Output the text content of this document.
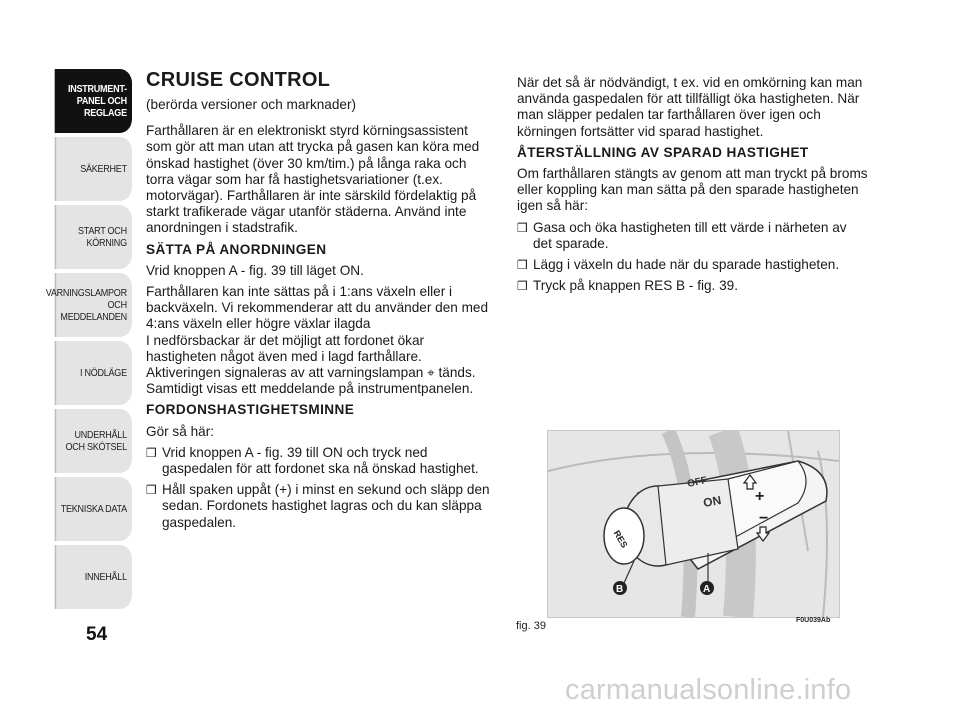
INSTRUMENT-
PANEL OCH
REGLAGE
SÄKERHET
START OCH
KÖRNING
VARNINGSLAMPOR
OCH
MEDDELANDEN
I NÖDLÄGE
UNDERHÅLL
OCH SKÖTSEL
TEKNISKA DATA
INNEHÅLL
54

CRUISE CONTROL

(berörda versioner och marknader)

Farthållaren är en elektroniskt styrd körningsassistent som gör att man utan att trycka på gasen kan köra med önskad hastighet (över 30 km/tim.) på långa raka och torra vägar som har få hastighetsvariationer (t.ex. motorvägar). Farthållaren är inte särskild fördelaktig på starkt trafikerade vägar utanför städerna. Använd inte anordningen i stadstrafik.

SÄTTA PÅ ANORDNINGEN

Vrid knoppen A - fig. 39 till läget ON.

Farthållaren kan inte sättas på i 1:ans växeln eller i backväxeln. Vi rekommenderar att du använder den med 4:ans växeln eller högre växlar ilagda
I nedförsbackar är det möjligt att fordonet ökar hastigheten något även med i lagd farthållare.
Aktiveringen signaleras av att varningslampan ⌖ tänds. Samtidigt visas ett meddelande på instrumentpanelen.

FORDONSHASTIGHETSMINNE

Gör så här:

❒ Vrid knoppen A - fig. 39 till ON och tryck ned gaspedalen för att fordonet ska nå önskad hastighet.
❒ Håll spaken uppåt (+) i minst en sekund och släpp den sedan. Fordonets hastighet lagras och du kan släppa gaspedalen.

När det så är nödvändigt, t ex. vid en omkörning kan man använda gaspedalen för att tillfälligt öka hastigheten. När man släpper pedalen tar farthållaren över igen och körningen fortsätter vid sparad hastighet.

ÅTERSTÄLLNING AV SPARAD HASTIGHET

Om farthållaren stängts av genom att man tryckt på broms eller koppling kan man sätta på den sparade hastigheten igen så här:

❒ Gasa och öka hastigheten till ett värde i närheten av det sparade.
❒ Lägg i växeln du hade när du sparade hastigheten.
❒ Tryck på knappen RES B - fig. 39.
RES
OFF
ON +
−
B	A
fig. 39	F0U039Ab
carmanualsonline.info
